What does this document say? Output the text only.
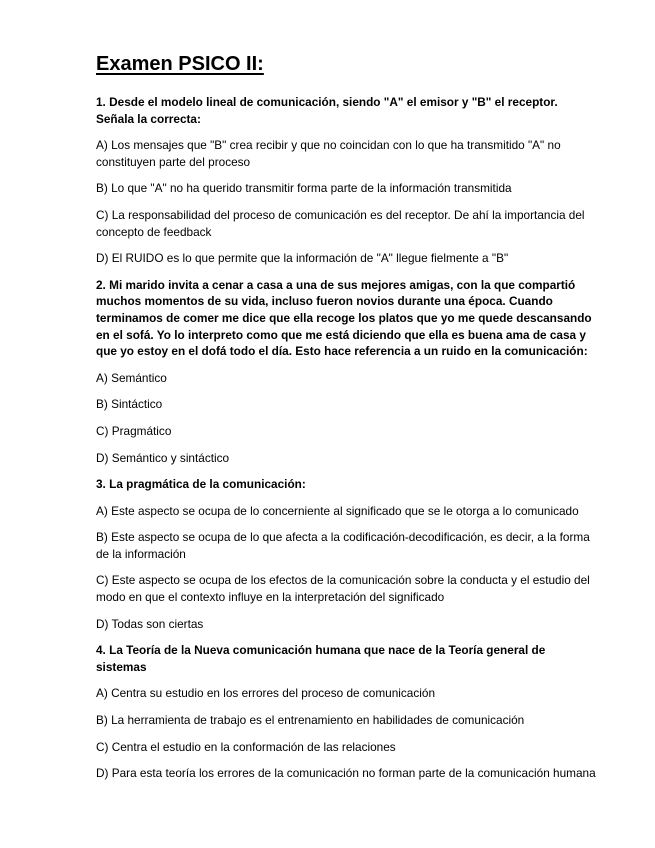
Examen PSICO II:

1. Desde el modelo lineal de comunicación, siendo "A" el emisor y "B" el receptor. Señala la correcta:

A) Los mensajes que "B" crea recibir y que no coincidan con lo que ha transmitido "A" no constituyen parte del proceso

B) Lo que "A" no ha querido transmitir forma parte de la información transmitida

C) La responsabilidad del proceso de comunicación es del receptor. De ahí la importancia del concepto de feedback

D) El RUIDO es lo que permite que la información de "A" llegue fielmente a "B"

2. Mi marido invita a cenar a casa a una de sus mejores amigas, con la que compartió muchos momentos de su vida, incluso fueron novios durante una época. Cuando terminamos de comer me dice que ella recoge los platos que yo me quede descansando en el sofá. Yo lo interpreto como que me está diciendo que ella es buena ama de casa y que yo estoy en el dofá todo el día. Esto hace referencia a un ruido en la comunicación:

A) Semántico

B) Sintáctico

C) Pragmático

D) Semántico y sintáctico

3. La pragmática de la comunicación:

A) Este aspecto se ocupa de lo concerniente al significado que se le otorga a lo comunicado

B) Este aspecto se ocupa de lo que afecta a la codificación-decodificación, es decir, a la forma de la información

C) Este aspecto se ocupa de los efectos de la comunicación sobre la conducta y el estudio del modo en que el contexto influye en la interpretación del significado

D) Todas son ciertas

4. La Teoría de la Nueva comunicación humana que nace de la Teoría general de sistemas

A) Centra su estudio en los errores del proceso de comunicación

B) La herramienta de trabajo es el entrenamiento en habilidades de comunicación

C) Centra el estudio en la conformación de las relaciones

D) Para esta teoría los errores de la comunicación no forman parte de la comunicación humana
